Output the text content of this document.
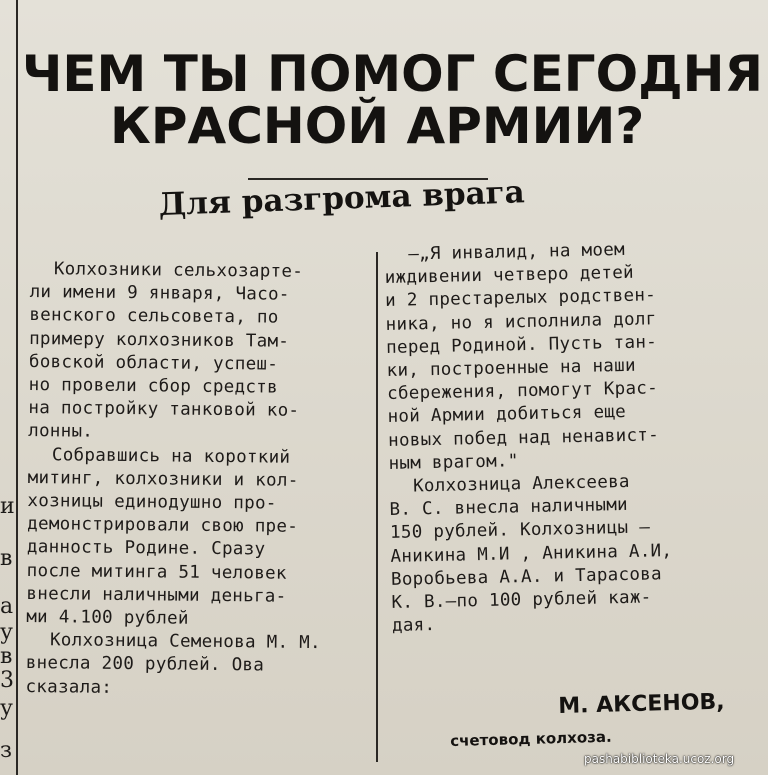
и
в
а
у
в
3
у
з
ЧЕМ ТЫ ПОМОГ СЕГОДНЯ
КРАСНОЙ АРМИИ?
Для разгрома врага

Колхозники сельхозарте-

ли имени 9 января, Часо-

венского сельсовета, по

примеру колхозников Там-

бовской области, успеш-

но провели сбор средств

на постройку танковой ко-

лонны.

Собравшись на короткий

митинг, колхозники и кол-

хозницы единодушно про-

демонстрировали свою пре-

данность Родине. Сразу

после митинга 51 человек

внесли наличными деньга-

ми 4.100 рублей

Колхозница Семенова М. М.

внесла 200 рублей. Ова

сказала:

—„Я инвалид, на моем

иждивении четверо детей

и 2 престарелых родствен-

ника, но я исполнила долг

перед Родиной. Пусть тан-

ки, построенные на наши

сбережения, помогут Крас-

ной Армии добиться еще

новых побед над ненавист-

ным врагом."

Колхозница Алексеева

В. С. внесла наличными

150 рублей. Колхозницы —

Аникина М.И , Аникина А.И,

Воробьева А.А. и Тарасова

К. В.—по 100 рублей каж-

дая.

М. АКСЕНОВ,
счетовод колхоза.
pashabiblioteka.ucoz.org
